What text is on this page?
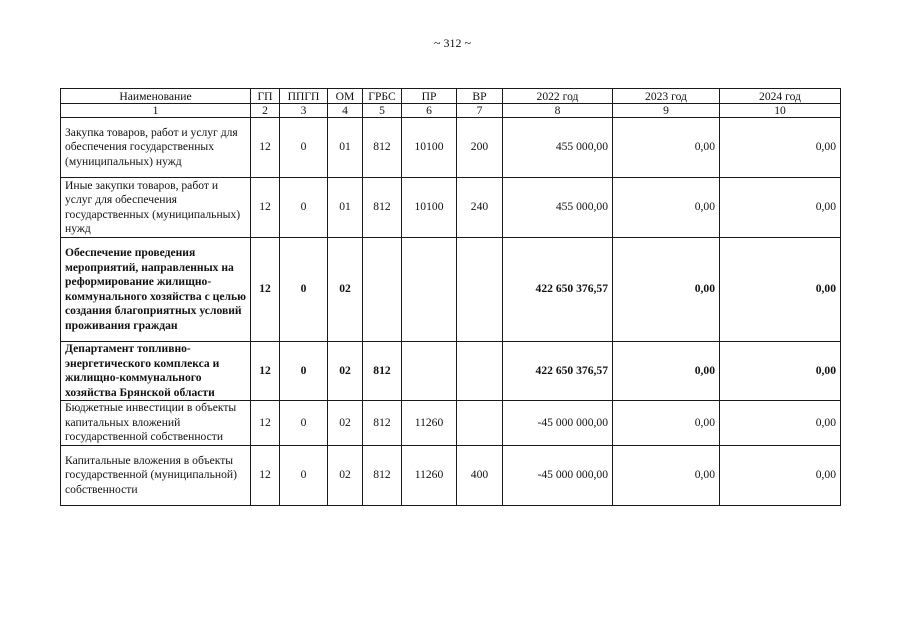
~ 312 ~
Наименование	ГП	ППГП	ОМ	ГРБС	ПР	ВР	2022 год	2023 год	2024 год
1	2	3	4	5	6	7	8	9	10
Закупка товаров, работ и услуг для обеспечения государственных (муниципальных) нужд	12	0	01	812	10100	200	455 000,00	0,00	0,00
Иные закупки товаров, работ и услуг для обеспечения государственных (муниципальных) нужд	12	0	01	812	10100	240	455 000,00	0,00	0,00
Обеспечение проведения мероприятий, направленных на реформирование жилищно-коммунального хозяйства с целью создания благоприятных условий проживания граждан	12	0	02				422 650 376,57	0,00	0,00
Департамент топливно-энергетического комплекса и жилищно-коммунального хозяйства Брянской области	12	0	02	812			422 650 376,57	0,00	0,00
Бюджетные инвестиции в объекты капитальных вложений государственной собственности	12	0	02	812	11260		-45 000 000,00	0,00	0,00
Капитальные вложения в объекты государственной (муниципальной) собственности	12	0	02	812	11260	400	-45 000 000,00	0,00	0,00
